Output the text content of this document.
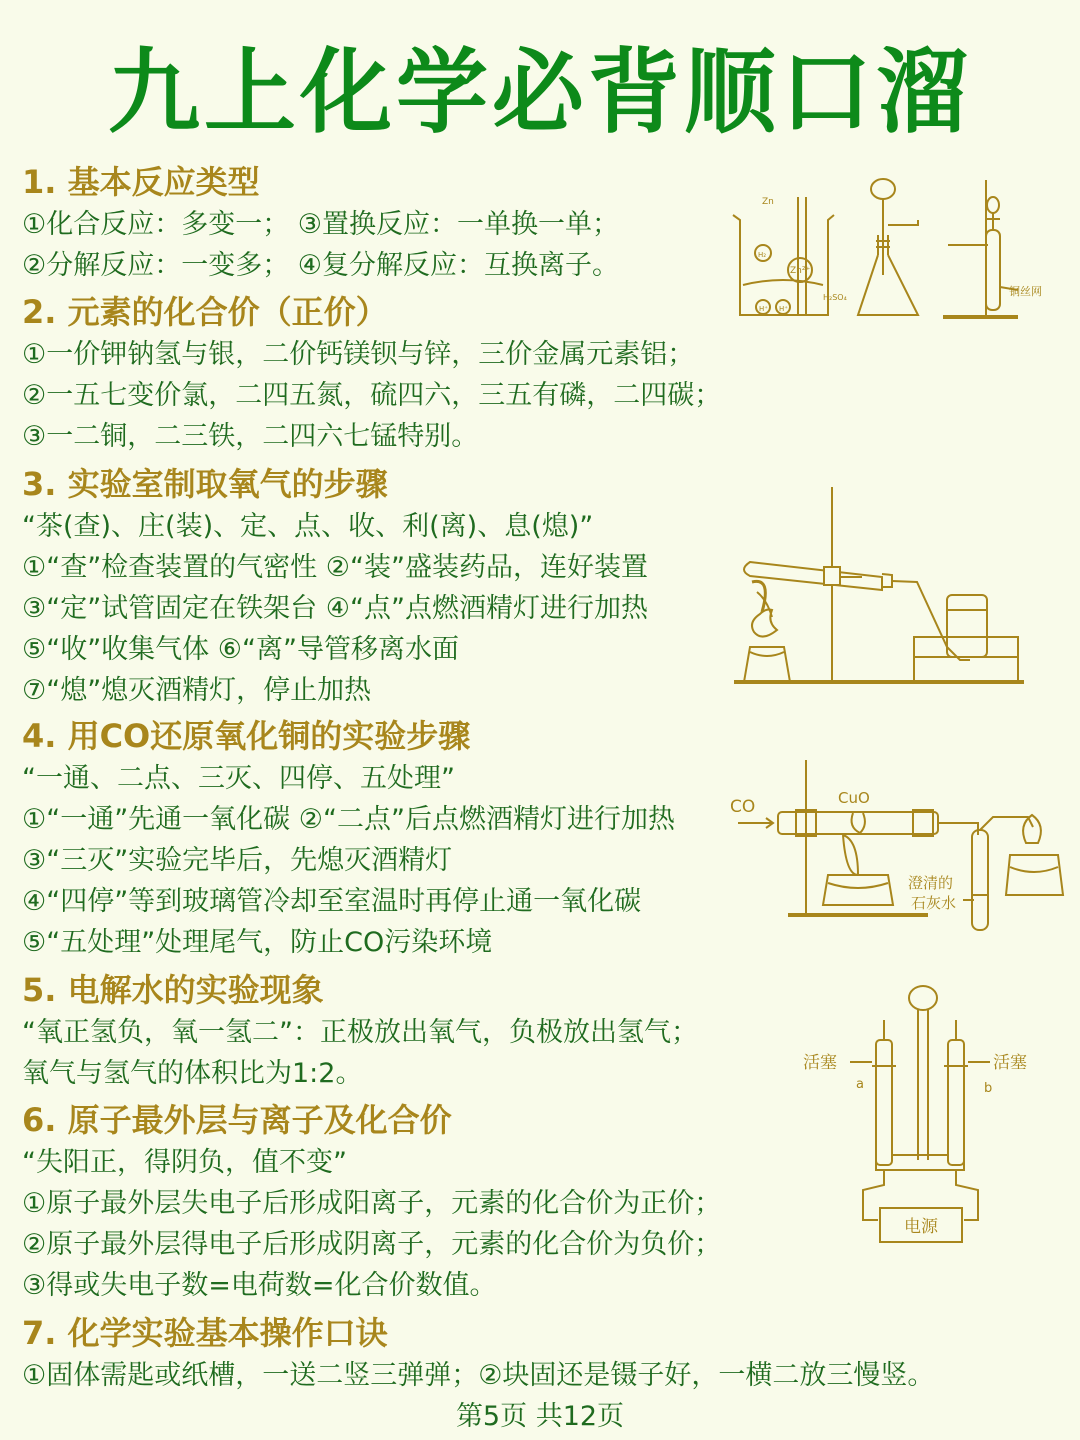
九上化学必背顺口溜
1. 基本反应类型
①化合反应：多变一； ③置换反应：一单换一单；
②分解反应：一变多； ④复分解反应：互换离子。
2. 元素的化合价（正价）
①一价钾钠氢与银，二价钙镁钡与锌，三价金属元素铝；
②一五七变价氯，二四五氮，硫四六，三五有磷，二四碳；
③一二铜，二三铁，二四六七锰特别。
3. 实验室制取氧气的步骤
“茶(查)、庄(装)、定、点、收、利(离)、息(熄)”
①“查”检查装置的气密性 ②“装”盛装药品，连好装置
③“定”试管固定在铁架台 ④“点”点燃酒精灯进行加热
⑤“收”收集气体 ⑥“离”导管移离水面
⑦“熄”熄灭酒精灯，停止加热
4. 用CO还原氧化铜的实验步骤
“一通、二点、三灭、四停、五处理”
①“一通”先通一氧化碳 ②“二点”后点燃酒精灯进行加热
③“三灭”实验完毕后，先熄灭酒精灯
④“四停”等到玻璃管冷却至室温时再停止通一氧化碳
⑤“五处理”处理尾气，防止CO污染环境
5. 电解水的实验现象
“氧正氢负，氧一氢二”：正极放出氧气，负极放出氢气；
氧气与氢气的体积比为1:2。
6. 原子最外层与离子及化合价
“失阳正，得阴负，值不变”
①原子最外层失电子后形成阳离子，元素的化合价为正价；
②原子最外层得电子后形成阴离子，元素的化合价为负价；
③得或失电子数=电荷数=化合价数值。
7. 化学实验基本操作口诀
①固体需匙或纸槽，一送二竖三弹弹；②块固还是镊子好，一横二放三慢竖。
Zn
Zn²⁺
H₂SO₄
H⁺ H⁺
H₂
铜丝网
CO	CuO
澄清的
石灰水
活塞	活塞
a	b
电源
第5页 共12页
